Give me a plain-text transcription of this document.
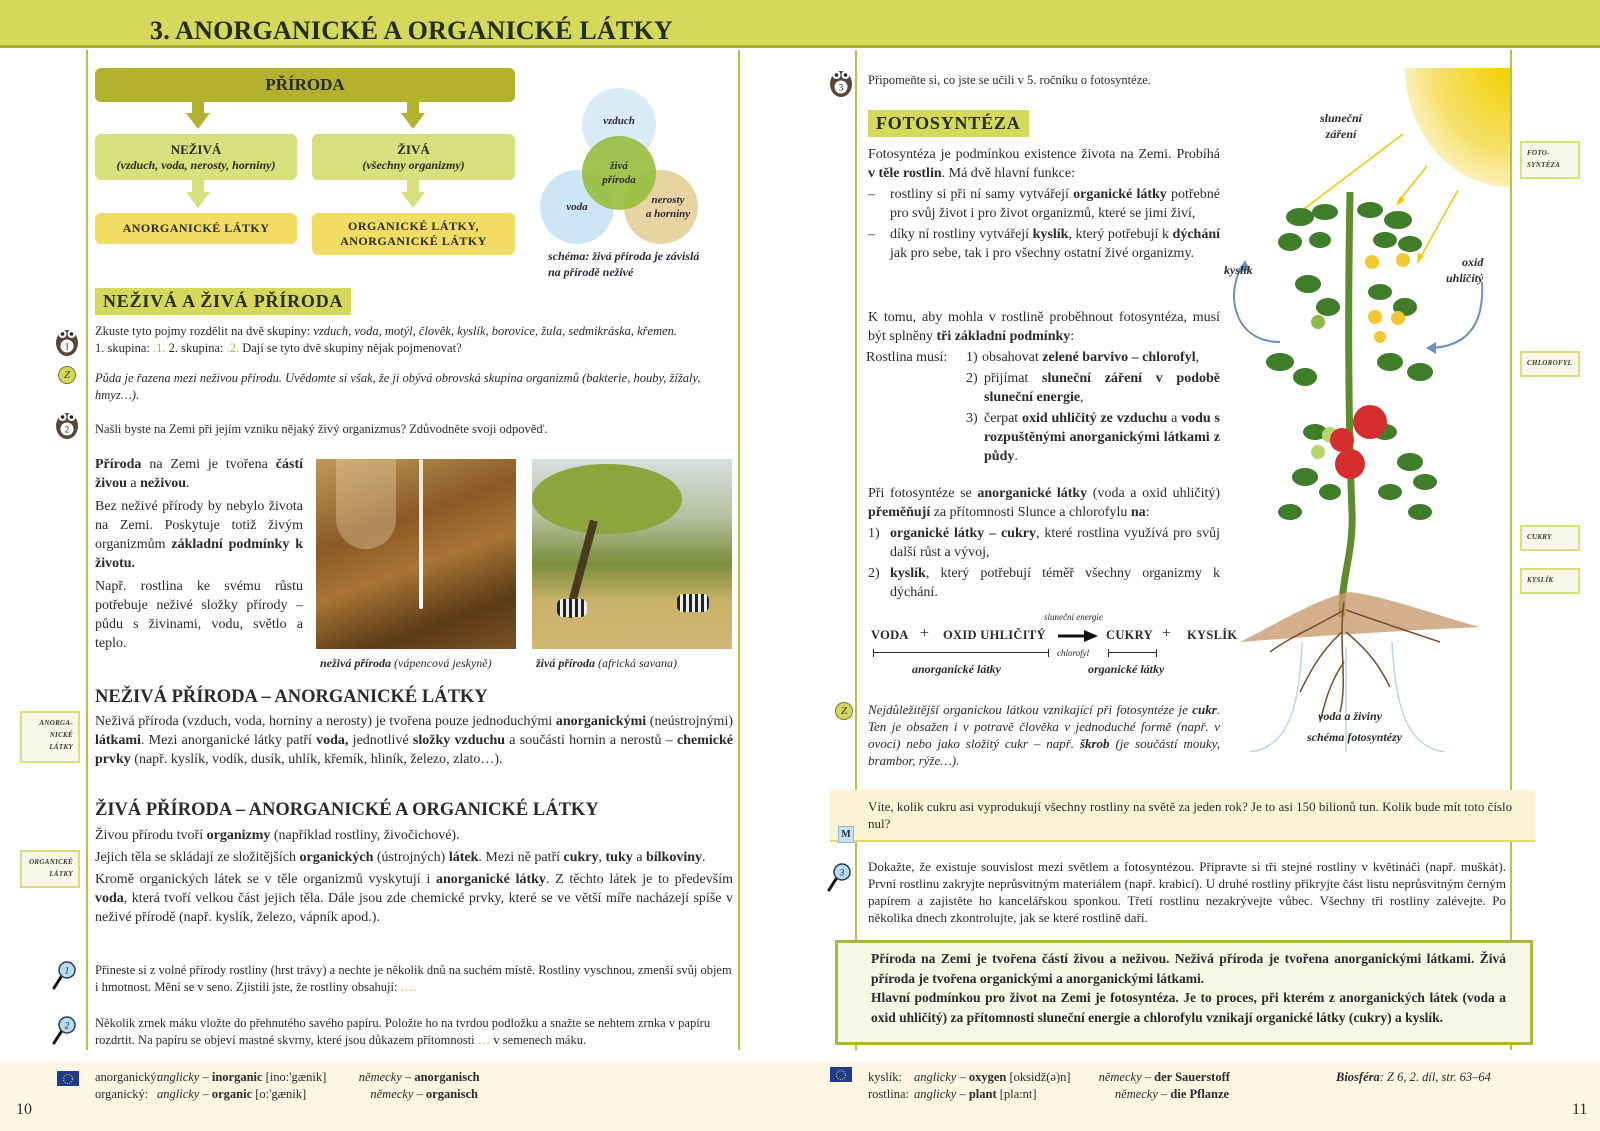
3. ANORGANICKÉ A ORGANICKÉ LÁTKY
PŘÍRODA
NEŽIVÁ
(vzduch, voda, nerosty, horniny)
ŽIVÁ
(všechny organizmy)
ANORGANICKÉ LÁTKY	ORGANICKÉ LÁTKY,
ANORGANICKÉ LÁTKY
vzduch
voda
nerosty
a horniny
živá
příroda
schéma: živá příroda je závislá
na přírodě neživé
NEŽIVÁ A ŽIVÁ PŘÍRODA
1
Zkuste tyto pojmy rozdělit na dvě skupiny: vzduch, voda, motýl, člověk, kyslík, borovice, žula, sedmikráska, křemen.
1. skupina: .1. 2. skupina: .2. Dají se tyto dvě skupiny nějak pojmenovat?
Z	Půda je řazena mezi neživou přírodu. Uvědomte si však, že ji obývá obrovská skupina organizmů (bakterie, houby, žížaly, hmyz…).
2 Našli byste na Zemi při jejím vzniku nějaký živý organizmus? Zdůvodněte svoji odpověď.
Příroda na Zemi je tvořena částí živou a neživou.
Bez neživé přírody by nebylo života na Zemi. Poskytuje totiž živým organizmům základní podmínky k životu.
Např. rostlina ke svému růstu potřebuje neživé složky přírody – půdu s živinami, vodu, světlo a teplo.
neživá příroda (vápencová jeskyně)	živá příroda (africká savana)
NEŽIVÁ PŘÍRODA – ANORGANICKÉ LÁTKY
ANORGA-NICKÉ LÁTKY
Neživá příroda (vzduch, voda, horniny a nerosty) je tvořena pouze jednoduchými anorganickými (neústrojnými) látkami. Mezi anorganické látky patří voda, jednotlivé složky vzduchu a součásti hornin a nerostů – chemické prvky (např. kyslík, vodík, dusík, uhlík, křemík, hliník, železo, zlato…).
ŽIVÁ PŘÍRODA – ANORGANICKÉ A ORGANICKÉ LÁTKY
ORGANICKÉ LÁTKY
Živou přírodu tvoří organizmy (například rostliny, živočichové).
Jejich těla se skládají ze složitějších organických (ústrojných) látek. Mezi ně patří cukry, tuky a bílkoviny.
Kromě organických látek se v těle organizmů vyskytují i anorganické látky. Z těchto látek je to především voda, která tvoří velkou část jejich těla. Dále jsou zde chemické prvky, které se ve větší míře nacházejí spíše v neživé přírodě (např. kyslík, železo, vápník apod.).
1 Přineste si z volné přírody rostliny (hrst trávy) a nechte je několik dnů na suchém místě. Rostliny vyschnou, zmenší svůj objem i hmotnost. Mění se v seno. Zjistili jste, že rostliny obsahují: ….
2 Několik zrnek máku vložte do přehnutého savého papíru. Položte ho na tvrdou podložku a snažte se nehtem zrnka v papíru rozdrtit. Na papíru se objeví mastné skvrny, které jsou důkazem přítomnosti … v semenech máku.
anorganický:anglicky – inorganic [ino:'gænik]	německy – anorganisch
organický: anglicky – organic [o:'gænik]	německy – organisch
10
3
Připomeňte si, co jste se učili v 5. ročníku o fotosyntéze.
FOTOSYNTÉZA
Fotosyntéza je podmínkou existence života na Zemi. Probíhá v těle rostlin. Má dvě hlavní funkce:
–	rostliny si při ní samy vytvářejí organické látky potřebné pro svůj život i pro život organizmů, které se jimi živí,
–	díky ní rostliny vytvářejí kyslík, který potřebují k dýchání jak pro sebe, tak i pro všechny ostatní živé organizmy.
K tomu, aby mohla v rostlině proběhnout fotosyntéza, musí být splněny tři základní podmínky:
Rostlina musí:	1) obsahovat zelené barvivo – chlorofyl,
2) přijímat sluneční záření v podobě sluneční energie,
3) čerpat oxid uhličitý ze vzduchu a vodu s rozpuštěnými anorganickými látkami z půdy.
Při fotosyntéze se anorganické látky (voda a oxid uhličitý) přeměňují za přítomnosti Slunce a chlorofylu na:
1) organické látky – cukry, které rostlina využívá pro svůj další růst a vývoj,
2) kyslík, který potřebují téměř všechny organizmy k dýchání.
VODA + OXID UHLIČITÝ
sluneční energie
chlorofyl
CUKRY + KYSLÍK
anorganické látky	organické látky
Z	Nejdůležitější organickou látkou vznikající při fotosyntéze je cukr. Ten je obsažen i v potravě člověka v jednoduché formě (např. v ovoci) nebo jako složitý cukr – např. škrob (je součástí mouky, brambor, rýže…).
sluneční
záření
kyslík
oxid
uhličitý
voda a živiny
schéma fotosyntézy
FOTO-SYNTÉZA
CHLOROFYL
CUKRY
KYSLÍK
M
Víte, kolik cukru asi vyprodukují všechny rostliny na světě za jeden rok? Je to asi 150 bilionů tun. Kolik bude mít toto číslo nul?
3 Dokažte, že existuje souvislost mezi světlem a fotosyntézou. Připravte si tři stejné rostliny v květináči (např. muškát). První rostlinu zakryjte neprůsvitným materiálem (např. krabicí). U druhé rostliny přikryjte část listu neprůsvitným černým papírem a zajistěte ho kancelářskou sponkou. Třetí rostlinu nezakrývejte vůbec. Všechny tři rostliny zalévejte. Po několika dnech zkontrolujte, jak se které rostlině daří.
Příroda na Zemi je tvořena částí živou a neživou. Neživá příroda je tvořena anorganickými látkami. Živá příroda je tvořena organickými a anorganickými látkami.
Hlavní podmínkou pro život na Zemi je fotosyntéza. Je to proces, při kterém z anorganických látek (voda a oxid uhličitý) za přítomnosti sluneční energie a chlorofylu vznikají organické látky (cukry) a kyslík.
kyslík: anglicky – oxygen [oksidž(ə)n] německy – der Sauerstoff
rostlina: anglicky – plant [pla:nt]	německy – die Pflanze
Biosféra: Z 6, 2. díl, str. 63–64
11
